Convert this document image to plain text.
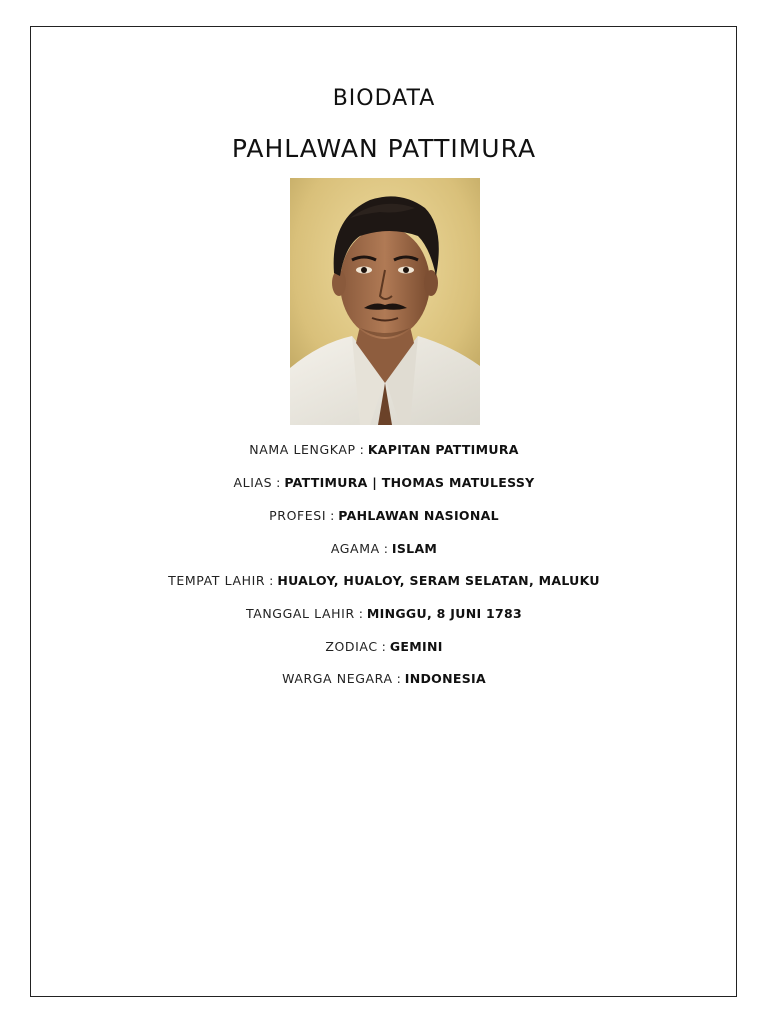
BIODATA
PAHLAWAN PATTIMURA
NAMA LENGKAP : KAPITAN PATTIMURA
ALIAS : PATTIMURA | THOMAS MATULESSY
PROFESI : PAHLAWAN NASIONAL
AGAMA : ISLAM
TEMPAT LAHIR : HUALOY, HUALOY, SERAM SELATAN, MALUKU
TANGGAL LAHIR : MINGGU, 8 JUNI 1783
ZODIAC : GEMINI
WARGA NEGARA : INDONESIA
